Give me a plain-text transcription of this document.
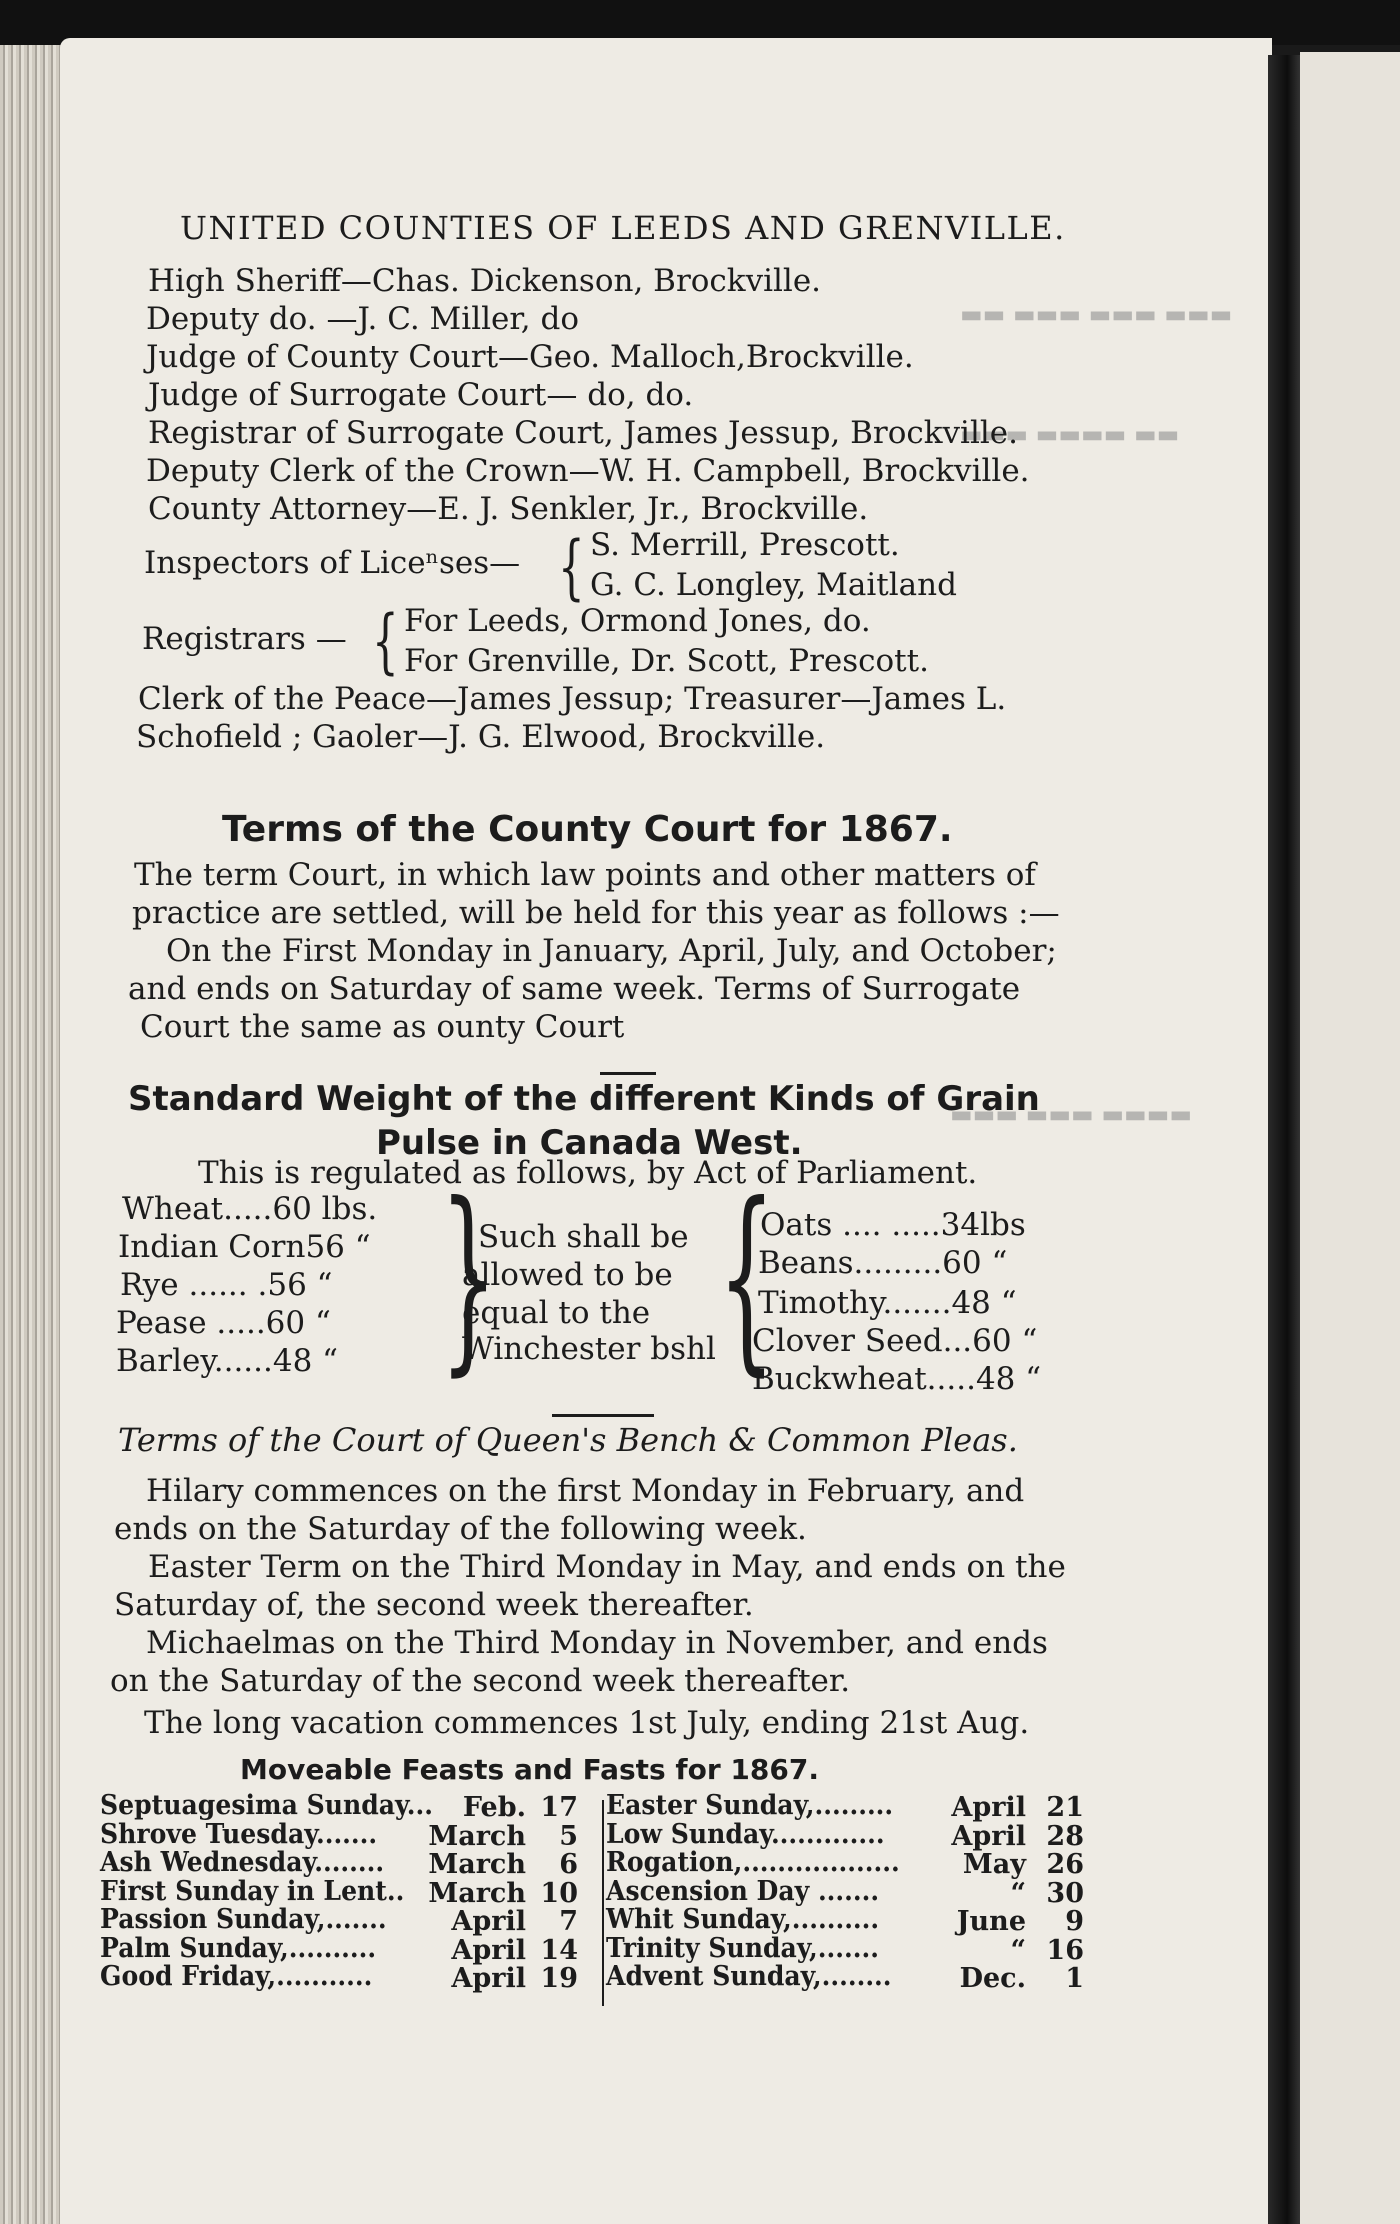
▬▬ ▬▬▬ ▬▬▬ ▬▬▬
▬▬▬ ▬▬▬▬ ▬▬
▬▬▬ ▬▬▬ ▬▬▬▬
UNITED COUNTIES OF LEEDS AND GRENVILLE.
High Sheriff—Chas. Dickenson, Brockville.
Deputy do. —J. C. Miller, do
Judge of County Court—Geo. Malloch,Brockville.
Judge of Surrogate Court— do, do.
Registrar of Surrogate Court, James Jessup, Brockville.
Deputy Clerk of the Crown—W. H. Campbell, Brockville.
County Attorney—E. J. Senkler, Jr., Brockville.
Inspectors of Liceⁿses— { S. Merrill, Prescott.
G. C. Longley, Maitland
Registrars — { For Leeds, Ormond Jones, do.
For Grenville, Dr. Scott, Prescott.
Clerk of the Peace—James Jessup; Treasurer—James L.
Schofield ; Gaoler—J. G. Elwood, Brockville.
Terms of the County Court for 1867.
The term Court, in which law points and other matters of
practice are settled, will be held for this year as follows :—
On the First Monday in January, April, July, and October;
and ends on Saturday of same week. Terms of Surrogate
Court the same as ounty Court
Standard Weight of the different Kinds of Grain
Pulse in Canada West.
This is regulated as follows, by Act of Parliament.
Wheat.....60 lbs.
Indian Corn56 “
Rye ...... .56 “
Pease .....60 “
Barley......48 “ }
Such shall be
allowed to be
equal to the
Winchester bshl {
Oats .... .....34lbs
Beans.........60 “
Timothy.......48 “
Clover Seed...60 “
Buckwheat.....48 “
Terms of the Court of Queen's Bench & Common Pleas.
Hilary commences on the first Monday in February, and
ends on the Saturday of the following week.
Easter Term on the Third Monday in May, and ends on the
Saturday of, the second week thereafter.
Michaelmas on the Third Monday in November, and ends
on the Saturday of the second week thereafter.
The long vacation commences 1st July, ending 21st Aug.
Moveable Feasts and Fasts for 1867.
Septuagesima Sunday... Feb. 17
Shrove Tuesday....... March 5
Ash Wednesday........ March 6
First Sunday in Lent.. March 10
Passion Sunday,....... April 7
Palm Sunday,..........	April 14
Good Friday,...........	April 19
Easter Sunday,......... April 21
Low Sunday............. April 28
Rogation,.................. May 26
Ascension Day .......	“ 30
Whit Sunday,..........	June 9
Trinity Sunday,.......	“ 16
Advent Sunday,........	Dec. 1
